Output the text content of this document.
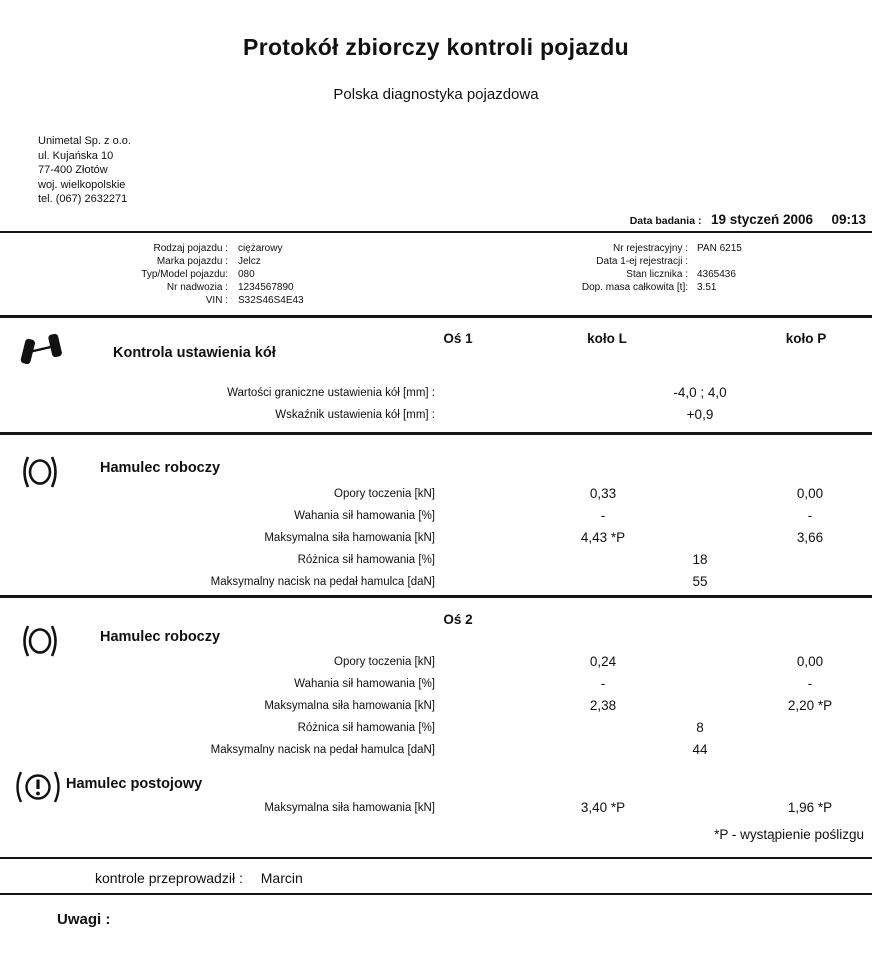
Protokół zbiorczy kontroli pojazdu
Polska diagnostyka pojazdowa
Unimetal Sp. z o.o.
ul. Kujańska 10
77-400 Złotów
woj. wielkopolskie
tel. (067) 2632271
Data badania : 19 styczeń 2006 09:13
Rodzaj pojazdu : ciężarowy
Marka pojazdu : Jelcz
Typ/Model pojazdu: 080
Nr nadwozia : 1234567890
VIN : S32S46S4E43
Nr rejestracyjny : PAN 6215
Data 1-ej rejestracji :
Stan licznika : 4365436
Dop. masa całkowita [t]: 3.51
Oś 1	koło L	koło P
Kontrola ustawienia kół
Wartości graniczne ustawienia kół [mm] :	-4,0 ; 4,0
Wskaźnik ustawienia kół [mm] :	+0,9
Hamulec roboczy
Opory toczenia [kN]	0,33	0,00
Wahania sił hamowania [%]	-	-
Maksymalna siła hamowania [kN]	4,43 *P	3,66
Różnica sił hamowania [%]	18
Maksymalny nacisk na pedał hamulca [daN]	55
Oś 2
Hamulec roboczy
Opory toczenia [kN]	0,24	0,00
Wahania sił hamowania [%]	-	-
Maksymalna siła hamowania [kN]	2,38	2,20 *P
Różnica sił hamowania [%]	8
Maksymalny nacisk na pedał hamulca [daN]	44
Hamulec postojowy
Maksymalna siła hamowania [kN]	3,40 *P	1,96 *P
*P - wystąpienie poślizgu
kontrole przeprowadził : Marcin
Uwagi :
